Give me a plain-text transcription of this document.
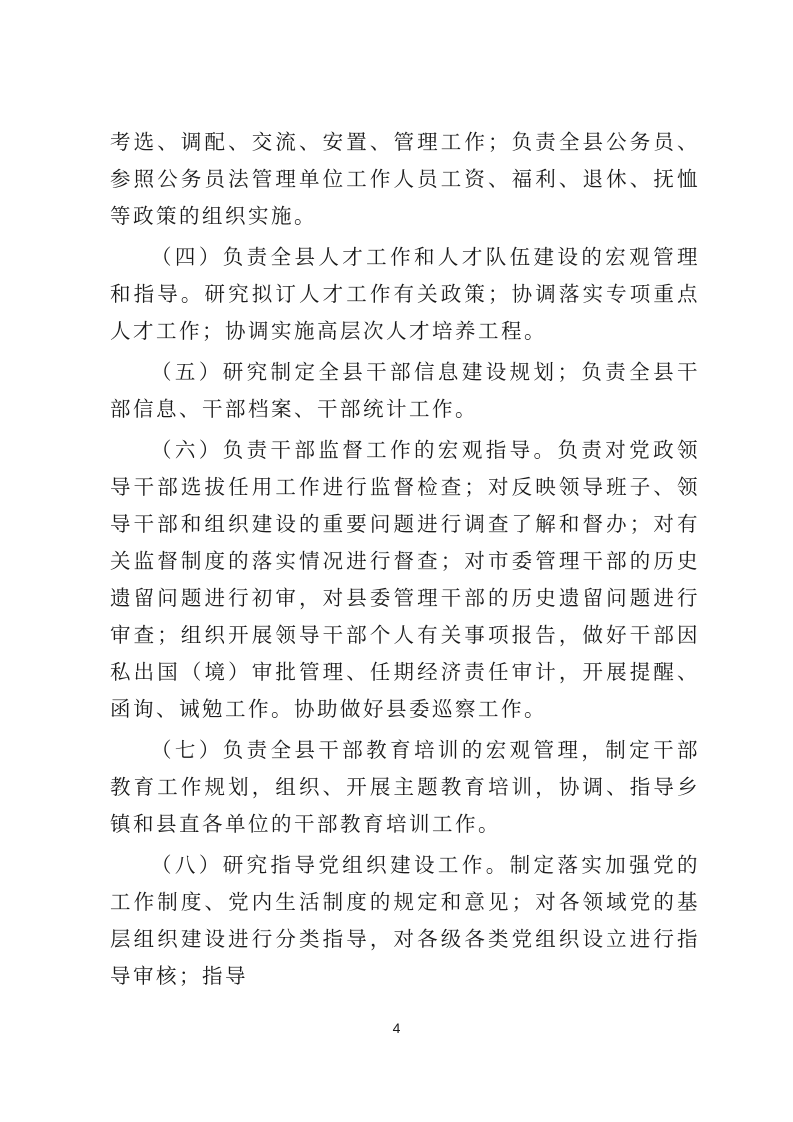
考选、调配、交流、安置、管理工作；负责全县公务员、参照公务员法管理单位工作人员工资、福利、退休、抚恤等政策的组织实施。

（四）负责全县人才工作和人才队伍建设的宏观管理和指导。研究拟订人才工作有关政策；协调落实专项重点人才工作；协调实施高层次人才培养工程。

（五）研究制定全县干部信息建设规划；负责全县干部信息、干部档案、干部统计工作。

（六）负责干部监督工作的宏观指导。负责对党政领导干部选拔任用工作进行监督检查；对反映领导班子、领导干部和组织建设的重要问题进行调查了解和督办；对有关监督制度的落实情况进行督查；对市委管理干部的历史遗留问题进行初审，对县委管理干部的历史遗留问题进行审查；组织开展领导干部个人有关事项报告，做好干部因私出国（境）审批管理、任期经济责任审计，开展提醒、函询、诫勉工作。协助做好县委巡察工作。

（七）负责全县干部教育培训的宏观管理，制定干部教育工作规划，组织、开展主题教育培训，协调、指导乡镇和县直各单位的干部教育培训工作。

（八）研究指导党组织建设工作。制定落实加强党的工作制度、党内生活制度的规定和意见；对各领域党的基层组织建设进行分类指导，对各级各类党组织设立进行指导审核；指导

4
